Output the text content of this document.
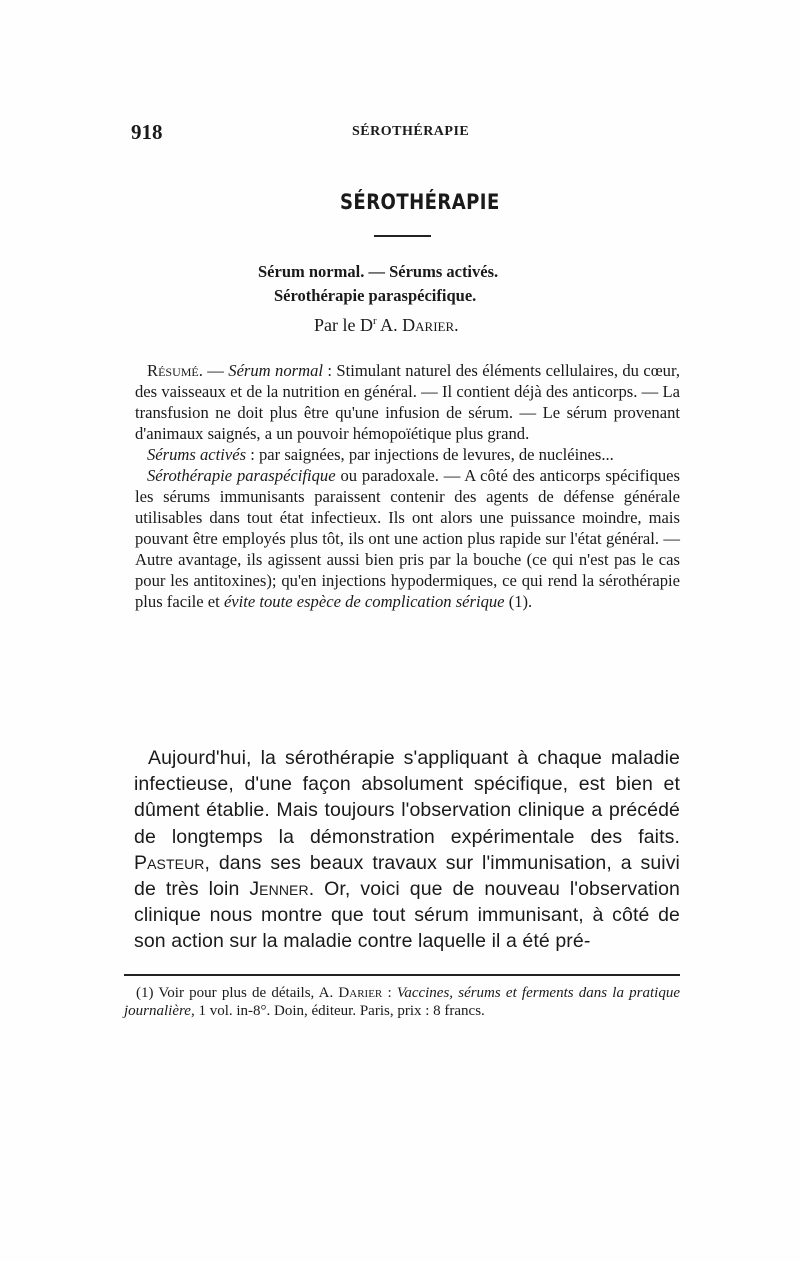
918	SÉROTHÉRAPIE
SÉROTHÉRAPIE
Sérum normal. — Sérums activés.
Sérothérapie paraspécifique.
Par le $D^r$ A. Darier.

Résumé. — Sérum normal : Stimulant naturel des éléments cellulaires, du cœur, des vaisseaux et de la nutrition en général. — Il contient déjà des anticorps. — La transfusion ne doit plus être qu'une infusion de sérum. — Le sérum provenant d'animaux saignés, a un pouvoir hémopoïétique plus grand.

Sérums activés : par saignées, par injections de levures, de nucléines...

Sérothérapie paraspécifique ou paradoxale. — A côté des anticorps spécifiques les sérums immunisants paraissent contenir des agents de défense générale utilisables dans tout état infectieux. Ils ont alors une puissance moindre, mais pouvant être employés plus tôt, ils ont une action plus rapide sur l'état général. — Autre avantage, ils agissent aussi bien pris par la bouche (ce qui n'est pas le cas pour les antitoxines); qu'en injections hypodermiques, ce qui rend la sérothérapie plus facile et évite toute espèce de complication sérique (1).

Aujourd'hui, la sérothérapie s'appliquant à chaque maladie infectieuse, d'une façon absolument spécifique, est bien et dûment établie. Mais toujours l'observation clinique a précédé de longtemps la démonstration expérimentale des faits. Pasteur, dans ses beaux travaux sur l'immunisation, a suivi de très loin Jenner. Or, voici que de nouveau l'observation clinique nous montre que tout sérum immunisant, à côté de son action sur la maladie contre laquelle il a été pré-

(1) Voir pour plus de détails, A. Darier : Vaccines, sérums et ferments dans la pratique journalière, 1 vol. in-8°. Doin, éditeur. Paris, prix : 8 francs.
